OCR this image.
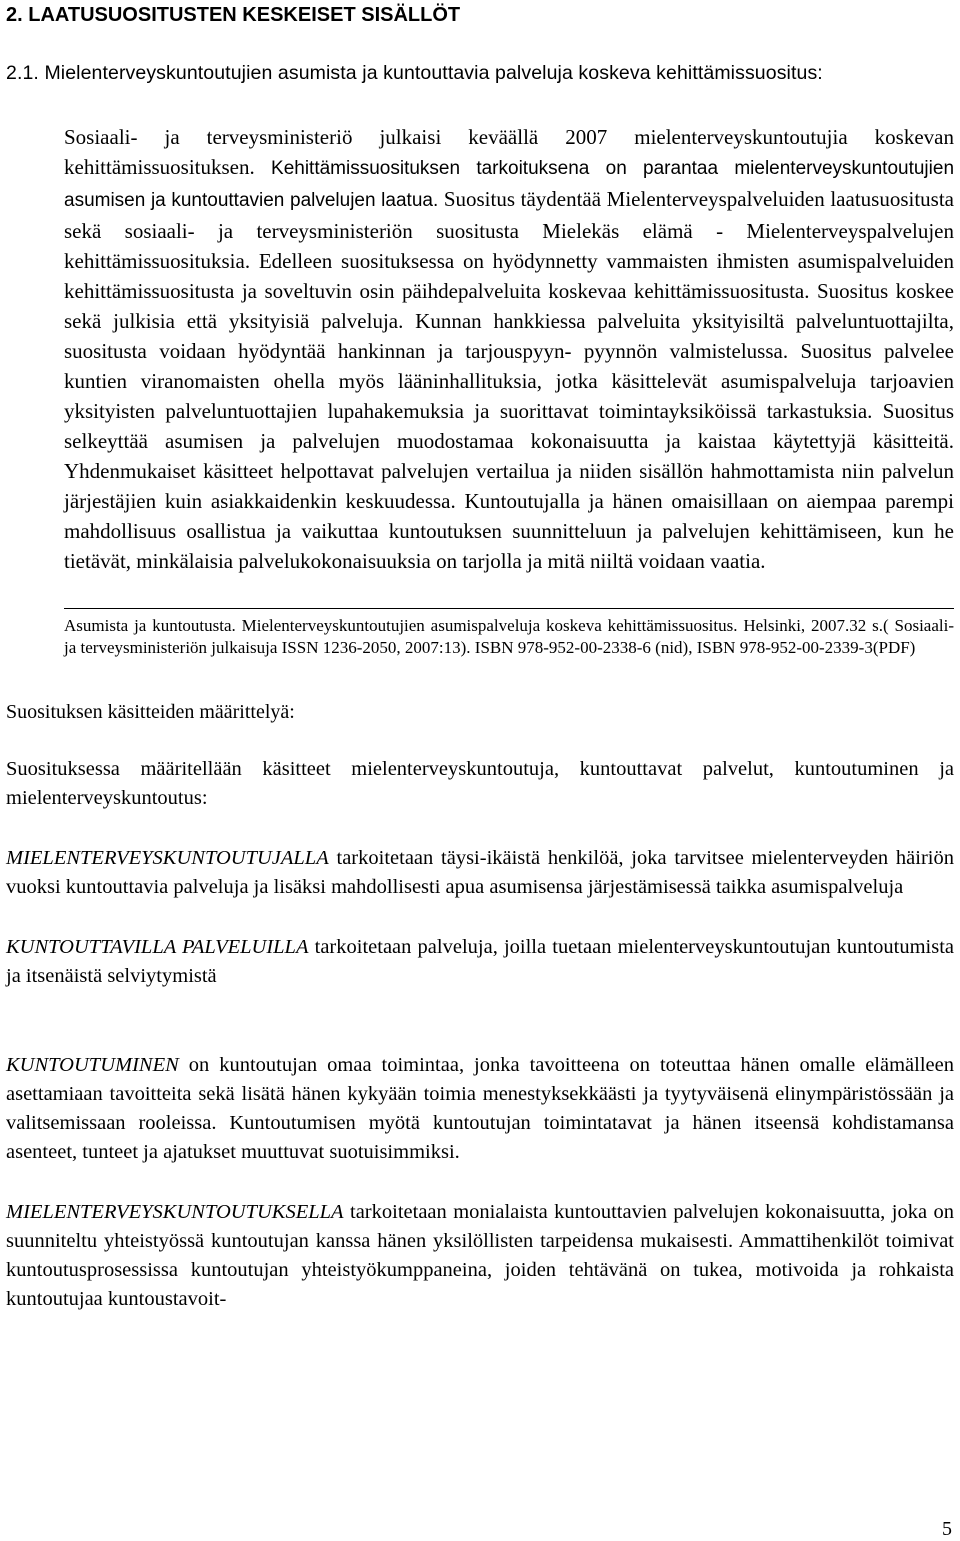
2. LAATUSUOSITUSTEN KESKEISET SISÄLLÖT
2.1. Mielenterveyskuntoutujien asumista ja kuntouttavia palveluja koskeva kehittämissuositus:
Sosiaali- ja terveysministeriö julkaisi keväällä 2007 mielenterveyskuntoutujia koskevan kehittämissuosituksen. Kehittämissuosituksen tarkoituksena on parantaa mielenterveyskuntoutujien asumisen ja kuntouttavien palvelujen laatua. Suositus täydentää Mielenterveyspalveluiden laatusuositusta sekä sosiaali- ja terveysministeriön suositusta Mielekäs elämä - Mielenterveyspalvelujen kehittämissuosituksia. Edelleen suosituksessa on hyödynnetty vammaisten ihmisten asumispalveluiden kehittämissuositusta ja soveltuvin osin päihdepalveluita koskevaa kehittämissuositusta. Suositus koskee sekä julkisia että yksityisiä palveluja. Kunnan hankkiessa palveluita yksityisiltä palveluntuottajilta, suositusta voidaan hyödyntää hankinnan ja tarjouspyyn- pyynnön valmistelussa. Suositus palvelee kuntien viranomaisten ohella myös lääninhallituksia, jotka käsittelevät asumispalveluja tarjoavien yksityisten palveluntuottajien lupahakemuksia ja suorittavat toimintayksiköissä tarkastuksia. Suositus selkeyttää asumisen ja palvelujen muodostamaa kokonaisuutta ja kaistaa käytettyjä käsitteitä. Yhdenmukaiset käsitteet helpottavat palvelujen vertailua ja niiden sisällön hahmottamista niin palvelun järjestäjien kuin asiakkaidenkin keskuudessa. Kuntoutujalla ja hänen omaisillaan on aiempaa parempi mahdollisuus osallistua ja vaikuttaa kuntoutuksen suunnitteluun ja palvelujen kehittämiseen, kun he tietävät, minkälaisia palvelukokonaisuuksia on tarjolla ja mitä niiltä voidaan vaatia.
Asumista ja kuntoutusta. Mielenterveyskuntoutujien asumispalveluja koskeva kehittämissuositus. Helsinki, 2007.32 s.( Sosiaali- ja terveysministeriön julkaisuja ISSN 1236-2050, 2007:13). ISBN 978-952-00-2338-6 (nid), ISBN 978-952-00-2339-3(PDF)
Suosituksen käsitteiden määrittelyä:
Suosituksessa määritellään käsitteet mielenterveyskuntoutuja, kuntouttavat palvelut, kuntoutuminen ja mielenterveyskuntoutus:
MIELENTERVEYSKUNTOUTUJALLA tarkoitetaan täysi-ikäistä henkilöä, joka tarvitsee mielenterveyden häiriön vuoksi kuntouttavia palveluja ja lisäksi mahdollisesti apua asumisensa järjestämisessä taikka asumispalveluja
KUNTOUTTAVILLA PALVELUILLA tarkoitetaan palveluja, joilla tuetaan mielenterveyskuntoutujan kuntoutumista ja itsenäistä selviytymistä
KUNTOUTUMINEN on kuntoutujan omaa toimintaa, jonka tavoitteena on toteuttaa hänen omalle elämälleen asettamiaan tavoitteita sekä lisätä hänen kykyään toimia menestyksekkäästi ja tyytyväisenä elinympäristössään ja valitsemissaan rooleissa. Kuntoutumisen myötä kuntoutujan toimintatavat ja hänen itseensä kohdistamansa asenteet, tunteet ja ajatukset muuttuvat suotuisimmiksi.
MIELENTERVEYSKUNTOUTUKSELLA tarkoitetaan monialaista kuntouttavien palvelujen kokonaisuutta, joka on suunniteltu yhteistyössä kuntoutujan kanssa hänen yksilöllisten tarpeidensa mukaisesti. Ammattihenkilöt toimivat kuntoutusprosessissa kuntoutujan yhteistyökumppaneina, joiden tehtävänä on tukea, motivoida ja rohkaista kuntoutujaa kuntoustavoit-
5
